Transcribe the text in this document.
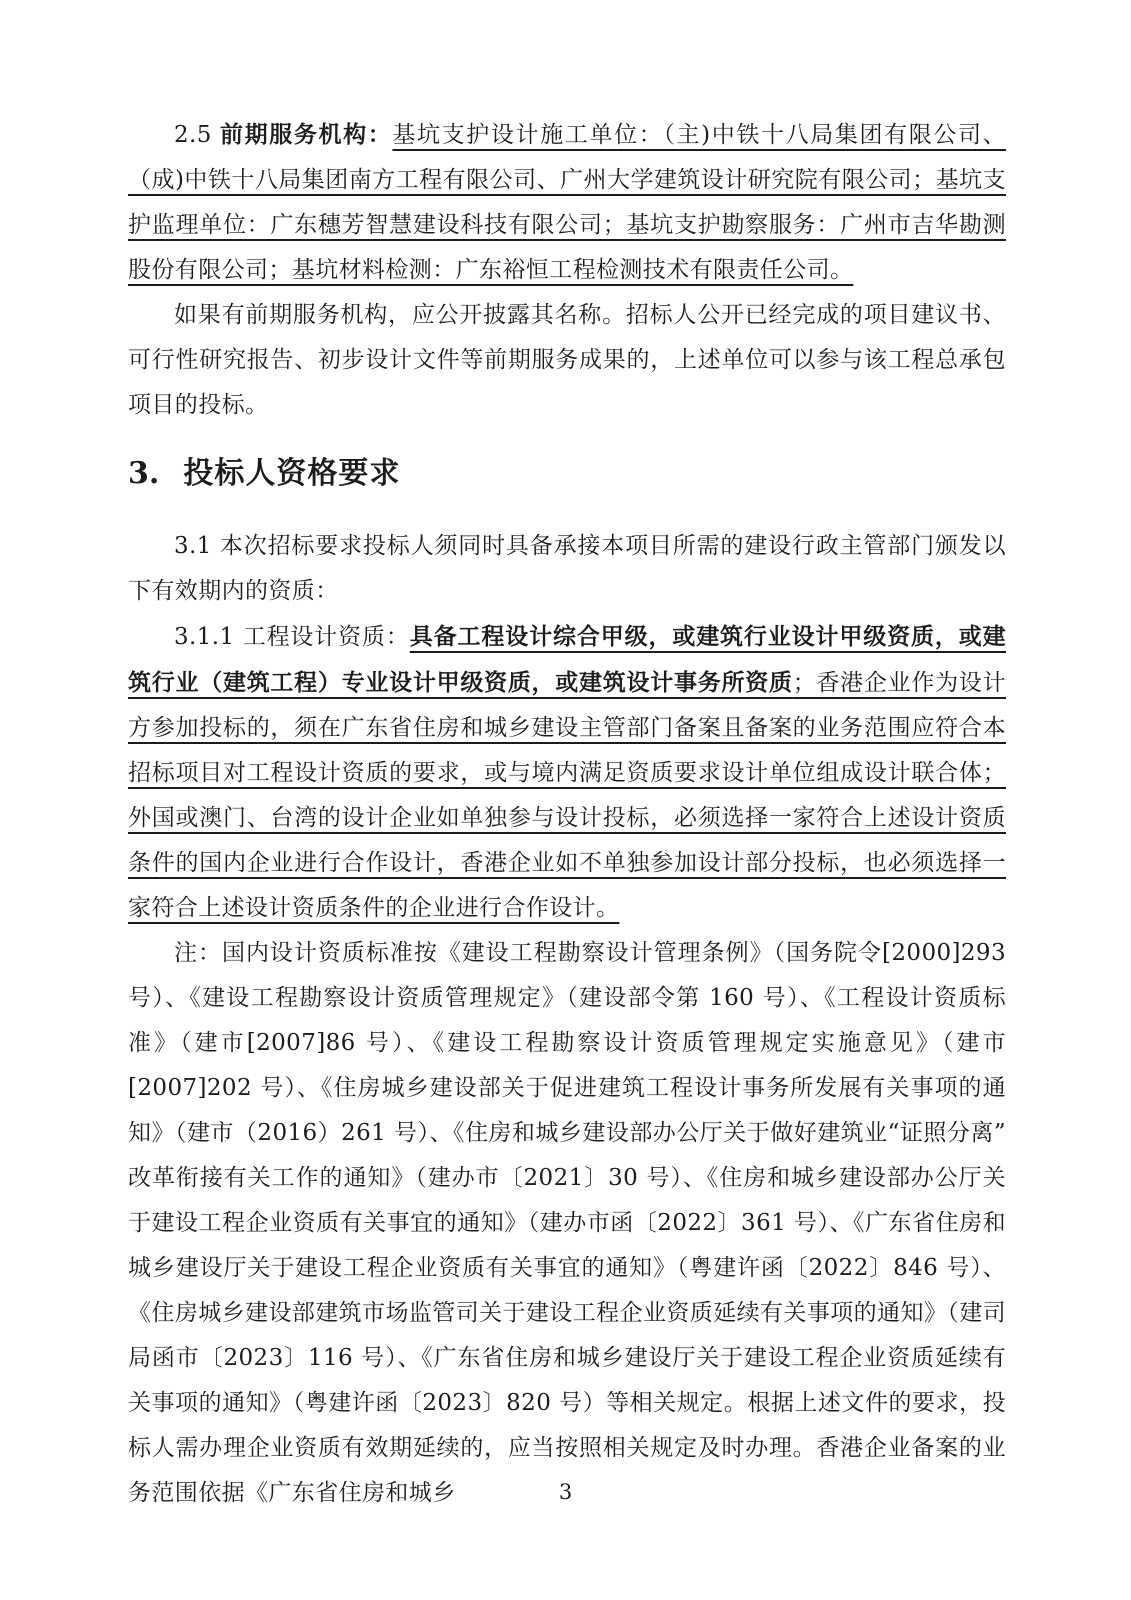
2.5 前期服务机构：基坑支护设计施工单位：（主)中铁十八局集团有限公司、（成)中铁十八局集团南方工程有限公司、广州大学建筑设计研究院有限公司；基坑支护监理单位：广东穗芳智慧建设科技有限公司；基坑支护勘察服务：广州市吉华勘测股份有限公司；基坑材料检测：广东裕恒工程检测技术有限责任公司。

如果有前期服务机构，应公开披露其名称。招标人公开已经完成的项目建议书、可行性研究报告、初步设计文件等前期服务成果的，上述单位可以参与该工程总承包项目的投标。

3. 投标人资格要求

3.1 本次招标要求投标人须同时具备承接本项目所需的建设行政主管部门颁发以下有效期内的资质：

3.1.1 工程设计资质：具备工程设计综合甲级，或建筑行业设计甲级资质，或建筑行业（建筑工程）专业设计甲级资质，或建筑设计事务所资质；香港企业作为设计方参加投标的，须在广东省住房和城乡建设主管部门备案且备案的业务范围应符合本招标项目对工程设计资质的要求，或与境内满足资质要求设计单位组成设计联合体；外国或澳门、台湾的设计企业如单独参与设计投标，必须选择一家符合上述设计资质条件的国内企业进行合作设计，香港企业如不单独参加设计部分投标，也必须选择一家符合上述设计资质条件的企业进行合作设计。

注：国内设计资质标准按《建设工程勘察设计管理条例》（国务院令[2000]293 号）、《建设工程勘察设计资质管理规定》（建设部令第 160 号）、《工程设计资质标准》（建市[2007]86 号）、《建设工程勘察设计资质管理规定实施意见》（建市[2007]202 号）、《住房城乡建设部关于促进建筑工程设计事务所发展有关事项的通知》（建市（2016）261 号）、《住房和城乡建设部办公厅关于做好建筑业“证照分离”改革衔接有关工作的通知》（建办市〔2021〕30 号）、《住房和城乡建设部办公厅关于建设工程企业资质有关事宜的通知》（建办市函〔2022〕361 号）、《广东省住房和城乡建设厅关于建设工程企业资质有关事宜的通知》（粤建许函〔2022〕846 号）、《住房城乡建设部建筑市场监管司关于建设工程企业资质延续有关事项的通知》（建司局函市〔2023〕116 号）、《广东省住房和城乡建设厅关于建设工程企业资质延续有关事项的通知》（粤建许函〔2023〕820 号）等相关规定。根据上述文件的要求，投标人需办理企业资质有效期延续的，应当按照相关规定及时办理。香港企业备案的业务范围依据《广东省住房和城乡	3
